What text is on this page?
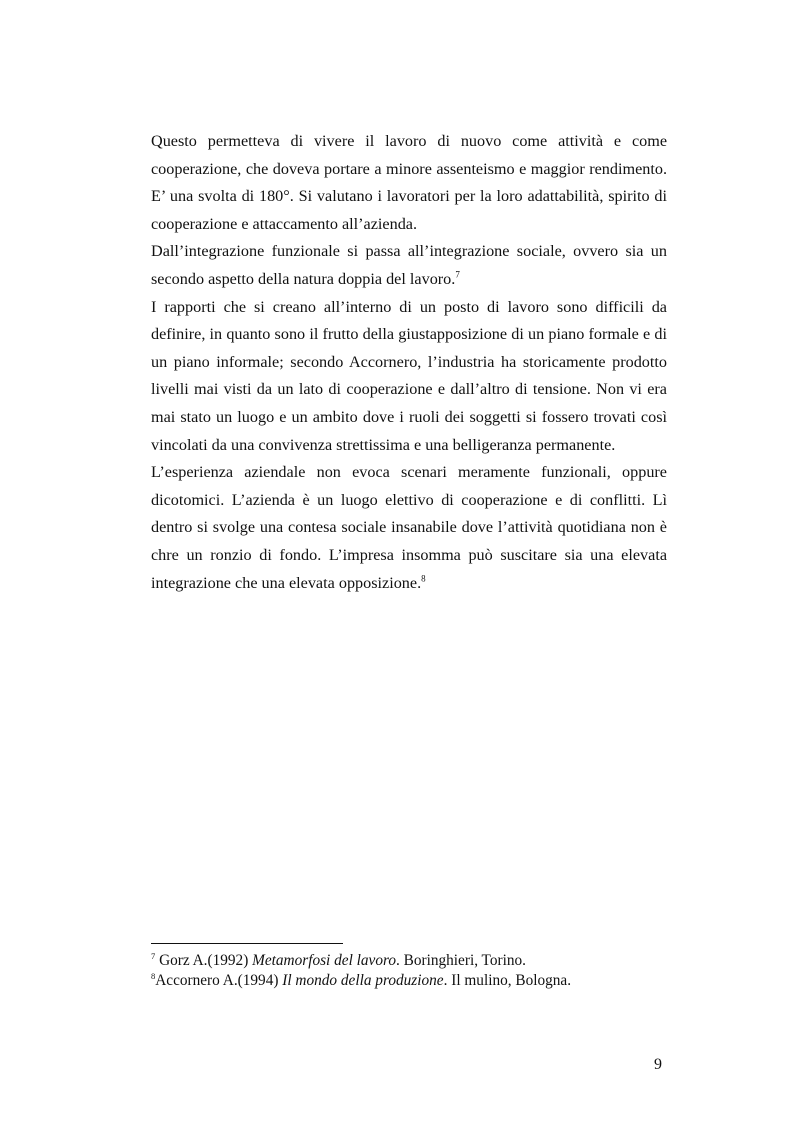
Questo permetteva di vivere il lavoro di nuovo come attività e come cooperazione, che doveva portare a minore assenteismo e maggior rendimento. E’ una svolta di 180°. Si valutano i lavoratori per la loro adattabilità, spirito di cooperazione e attaccamento all’azienda.

Dall’integrazione funzionale si passa all’integrazione sociale, ovvero sia un secondo aspetto della natura doppia del lavoro.$^7$

I rapporti che si creano all’interno di un posto di lavoro sono difficili da definire, in quanto sono il frutto della giustapposizione di un piano formale e di un piano informale; secondo Accornero, l’industria ha storicamente prodotto livelli mai visti da un lato di cooperazione e dall’altro di tensione. Non vi era mai stato un luogo e un ambito dove i ruoli dei soggetti si fossero trovati così vincolati da una convivenza strettissima e una belligeranza permanente.

L’esperienza aziendale non evoca scenari meramente funzionali, oppure dicotomici. L’azienda è un luogo elettivo di cooperazione e di conflitti. Lì dentro si svolge una contesa sociale insanabile dove l’attività quotidiana non è chre un ronzio di fondo. L’impresa insomma può suscitare sia una elevata integrazione che una elevata opposizione.$^8$

$^7$ Gorz A.(1992) Metamorfosi del lavoro. Boringhieri, Torino.
$^8$Accornero A.(1994) Il mondo della produzione. Il mulino, Bologna.
9
